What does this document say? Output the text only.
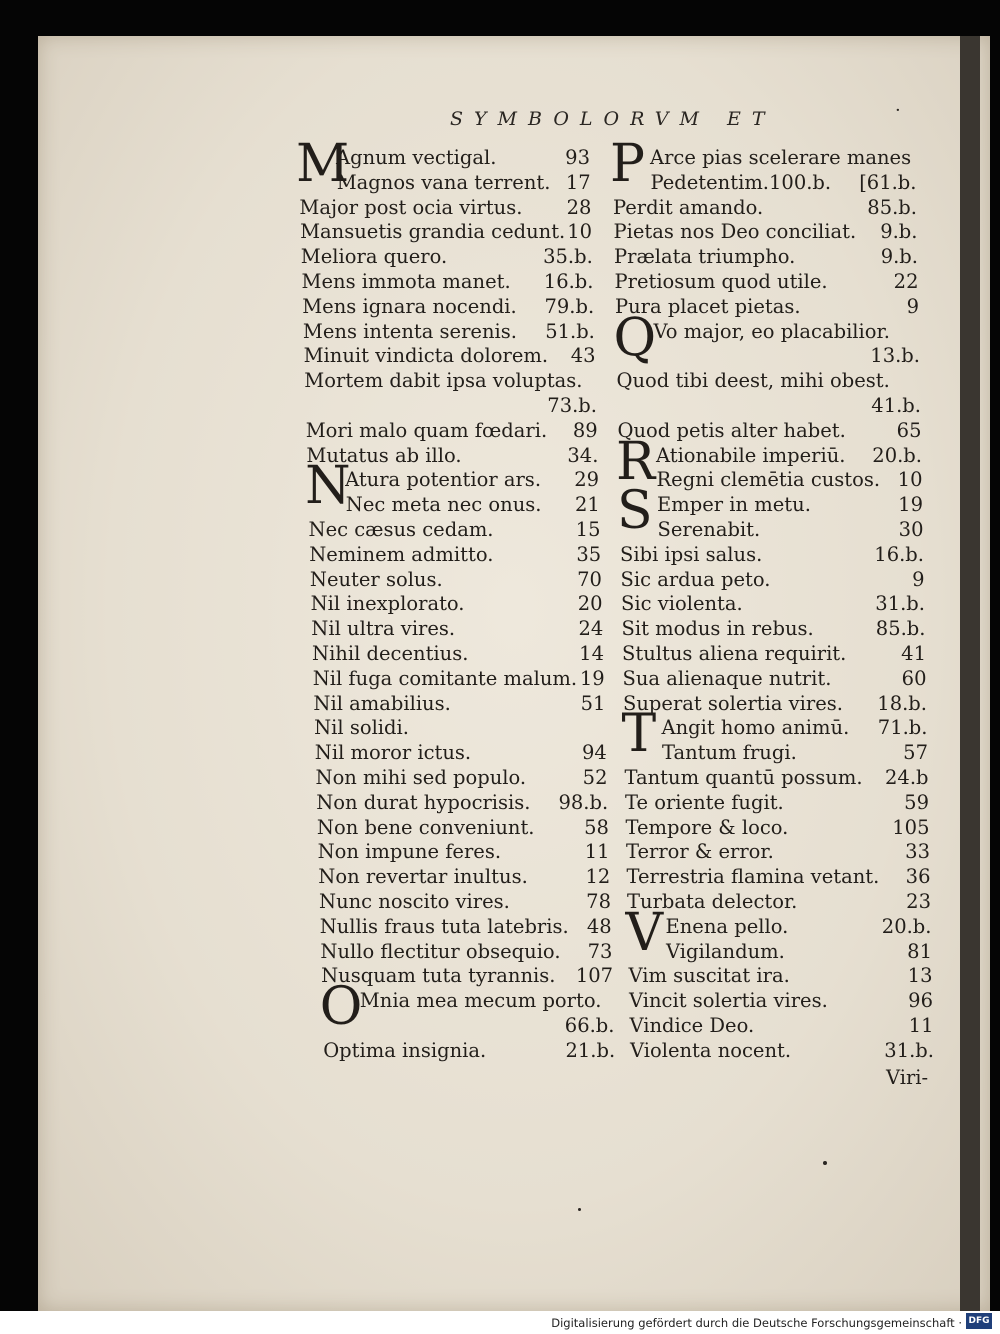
SYMBOLORVM ET	·
M
Agnum vectigal.	93
Magnos vana terrent. 17
Major post ocia virtus. 28
Mansuetis grandia cedunt. 10
Meliora quero.	35.b.
Mens immota manet. 16.b.
Mens ignara nocendi. 79.b.
Mens intenta serenis. 51.b.
Minuit vindicta dolorem. 43
Mortem dabit ipsa voluptas.
73.b.
Mori malo quam fœdari. 89
Mutatus ab illo.	34.
N
Atura potentior ars. 29
Nec meta nec onus. 21
Nec cæsus cedam.	15
Neminem admitto.	35
Neuter solus.	70
Nil inexplorato.	20
Nil ultra vires.	24
Nihil decentius.	14
Nil fuga comitante malum. 19
Nil amabilius.	51
Nil solidi.
Nil moror ictus.	94
Non mihi sed populo.	52
Non durat hypocrisis. 98.b.
Non bene conveniunt.	58
Non impune feres.	11
Non revertar inultus.	12
Nunc noscito vires.	78
Nullis fraus tuta latebris. 48
Nullo flectitur obsequio. 73
Nusquam tuta tyrannis. 107
O
Mnia mea mecum porto.
66.b.
Optima insignia.	21.b.
P Arce pias scelerare manes
Pedetentim.100.b. [61.b.
Perdit amando.	85.b.
Pietas nos Deo conciliat. 9.b.
Prælata triumpho.	9.b.
Pretiosum quod utile.	22
Pura placet pietas.	9
Q
Vo major, eo placabilior.
13.b.
Quod tibi deest, mihi obest.
41.b.
Quod petis alter habet.	65
R Ationabile imperiū. 20.b.
Regni clemētia custos. 10
S Emper in metu.	19
Serenabit.	30
Sibi ipsi salus.	16.b.
Sic ardua peto.	9
Sic violenta.	31.b.
Sit modus in rebus.	85.b.
Stultus aliena requirit.	41
Sua alienaque nutrit.	60
Superat solertia vires. 18.b.
T Angit homo animū. 71.b.
Tantum frugi.	57
Tantum quantū possum. 24.b
Te oriente fugit.	59
Tempore & loco.	105
Terror & error.	33
Terrestria flamina vetant. 36
Turbata delector.	23
V Enena pello.	20.b.
Vigilandum.	81
Vim suscitat ira.	13
Vincit solertia vires.	96
Vindice Deo.	11
Violenta nocent.	31.b.
Viri-
Digitalisierung gefördert durch die Deutsche Forschungsgemeinschaft · DFG
